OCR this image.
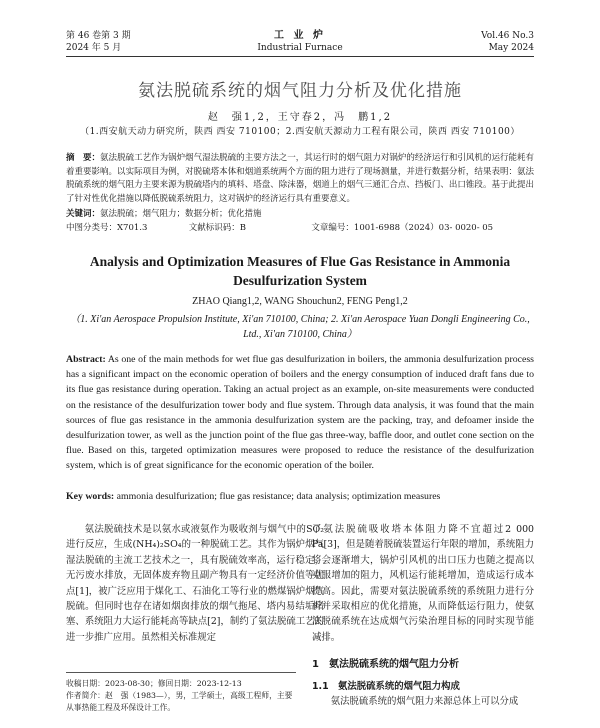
第 46 卷第 3 期
2024 年 5 月
工 业 炉
Industrial Furnace
Vol.46 No.3
May 2024
氨法脱硫系统的烟气阻力分析及优化措施
赵　强1,2，王守春2，冯　鹏1,2
（1.西安航天动力研究所，陕西 西安 710100；2.西安航天源动力工程有限公司，陕西 西安 710100）
摘　要：氨法脱硫工艺作为锅炉烟气湿法脱硫的主要方法之一，其运行时的烟气阻力对锅炉的经济运行和引风机的运行能耗有着重要影响。以实际项目为例，对脱硫塔本体和烟道系统两个方面的阻力进行了现场测量，并进行数据分析，结果表明：氨法脱硫系统的烟气阻力主要来源为脱硫塔内的填料、塔盘、除沫器，烟道上的烟气三通汇合点、挡板门、出口锥段。基于此提出了针对性优化措施以降低脱硫系统阻力，这对锅炉的经济运行具有重要意义。
关键词：氨法脱硫；烟气阻力；数据分析；优化措施
中图分类号：X701.3	文献标识码：B	文章编号：1001-6988（2024）03- 0020- 05
Analysis and Optimization Measures of Flue Gas Resistance in Ammonia Desulfurization System
ZHAO Qiang1,2, WANG Shouchun2, FENG Peng1,2
（1. Xi'an Aerospace Propulsion Institute, Xi'an 710100, China; 2. Xi'an Aerospace Yuan Dongli Engineering Co., Ltd., Xi'an 710100, China）
Abstract: As one of the main methods for wet flue gas desulfurization in boilers, the ammonia desulfurization process has a significant impact on the economic operation of boilers and the energy consumption of induced draft fans due to its flue gas resistance during operation. Taking an actual project as an example, on-site measurements were conducted on the resistance of the desulfurization tower body and flue system. Through data analysis, it was found that the main sources of flue gas resistance in the ammonia desulfurization system are the packing, tray, and defoamer inside the desulfurization tower, as well as the junction point of the flue gas three-way, baffle door, and outlet cone section on the flue. Based on this, targeted optimization measures were proposed to reduce the resistance of the desulfurization system, which is of great significance for the economic operation of the boiler.
Key words: ammonia desulfurization; flue gas resistance; data analysis; optimization measures

氨法脱硫技术是以氨水或液氨作为吸收剂与烟气中的SO₂进行反应，生成(NH₄)₂SO₄的一种脱硫工艺。其作为锅炉烟气湿法脱硫的主流工艺技术之一，具有脱硫效率高，运行稳定，无污废水排放，无固体废弃物且副产物具有一定经济价值等优点[1]，被广泛应用于煤化工、石油化工等行业的燃煤锅炉烟气脱硫。但同时也存在诸如烟囱排放的烟气拖尾、塔内易结垢堵塞、系统阻力大运行能耗高等缺点[2]，制约了氨法脱硫工艺的进一步推广应用。虽然相关标准规定

了氨法脱硫吸收塔本体阻力降不宜超过2 000 Pa[3]，但是随着脱硫装置运行年限的增加，系统阻力将会逐渐增大，锅炉引风机的出口压力也随之提高以克服增加的阻力，风机运行能耗增加，造成运行成本提高。因此，需要对氨法脱硫系统的系统阻力进行分析并采取相应的优化措施，从而降低运行阻力，使氨法脱硫系统在达成烟气污染治理目标的同时实现节能减排。

1　氨法脱硫系统的烟气阻力分析

1.1　氨法脱硫系统的烟气阻力构成

氨法脱硫系统的烟气阻力来源总体上可以分成

收稿日期：2023-08-30；修回日期：2023-12-13
作者简介：赵　强（1983—），男，工学硕士，高级工程师，主要从事热能工程及环保设计工作。
